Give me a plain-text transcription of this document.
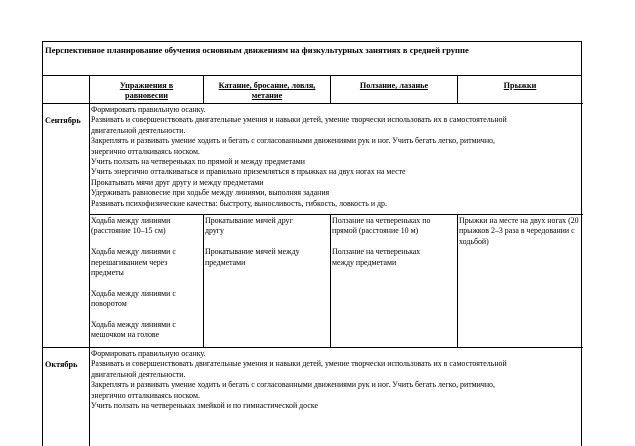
Перспективное планирование обучения основным движениям на физкультурных занятиях в средней группе
Упражнения в
равновесии
Катание, бросание, ловля,
метание
Ползание, лазанье	Прыжки
Сентябрь
Формировать правильную осанку.
Развивать и совершенствовать двигательные умения и навыки детей, умение творчески использовать их в самостоятельной
двигательной деятельности.
Закреплять и развивать умение ходить и бегать с согласованными движениями рук и ног. Учить бегать легко, ритмично,
энергично отталкиваясь носком.
Учить ползать на четвереньках по прямой и между предметами
Учить энергично отталкиваться и правильно приземляться в прыжках на двух ногах на месте
Прокатывать мячи друг другу и между предметами
Удерживать равновесие при ходьбе между линиями, выполняя задания
Развивать психофизические качества: быстроту, выносливость, гибкость, ловкость и др.
Ходьба между линиями
(расстояние 10–15 см)
Ходьба между линиями с
перешагиванием через
предметы
Ходьба между линиями с
поворотом
Ходьба между линиями с
мешочком на голове
Прокатывание мячей друг
другу
Прокатывание мячей между
предметами
Ползание на четвереньках по
прямой (расстояние 10 м)
Ползание на четвереньках
между предметами
Прыжки на месте на двух ногах (20
прыжков 2–3 раза в чередовании с
ходьбой)
Октябрь
Формировать правильную осанку.
Развивать и совершенствовать двигательные умения и навыки детей, умение творчески использовать их в самостоятельной
двигательной деятельности.
Закреплять и развивать умение ходить и бегать с согласованными движениями рук и ног. Учить бегать легко, ритмично,
энергично отталкиваясь носком.
Учить ползать на четвереньках змейкой и по гимнастической доске
